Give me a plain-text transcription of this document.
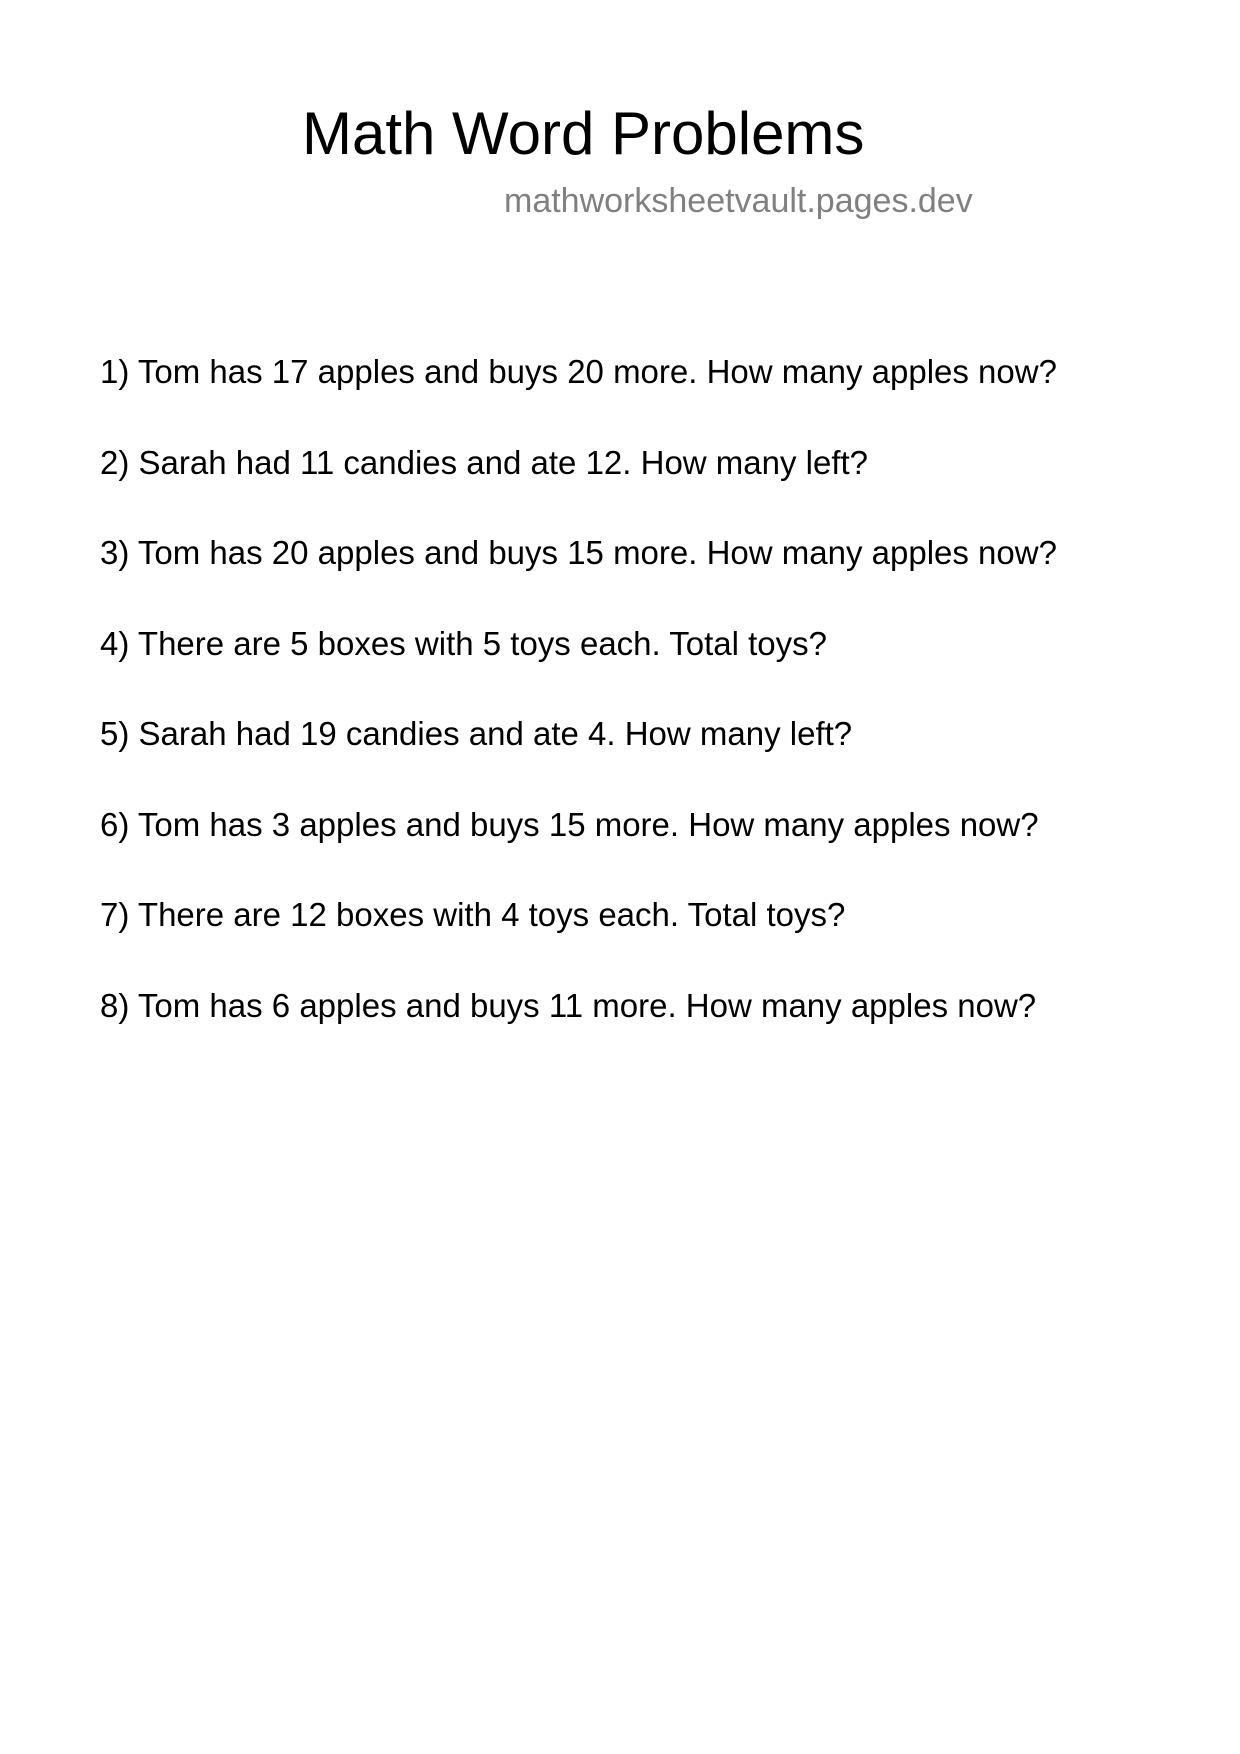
Math Word Problems
mathworksheetvault.pages.dev
1) Tom has 17 apples and buys 20 more. How many apples now?
2) Sarah had 11 candies and ate 12. How many left?
3) Tom has 20 apples and buys 15 more. How many apples now?
4) There are 5 boxes with 5 toys each. Total toys?
5) Sarah had 19 candies and ate 4. How many left?
6) Tom has 3 apples and buys 15 more. How many apples now?
7) There are 12 boxes with 4 toys each. Total toys?
8) Tom has 6 apples and buys 11 more. How many apples now?
